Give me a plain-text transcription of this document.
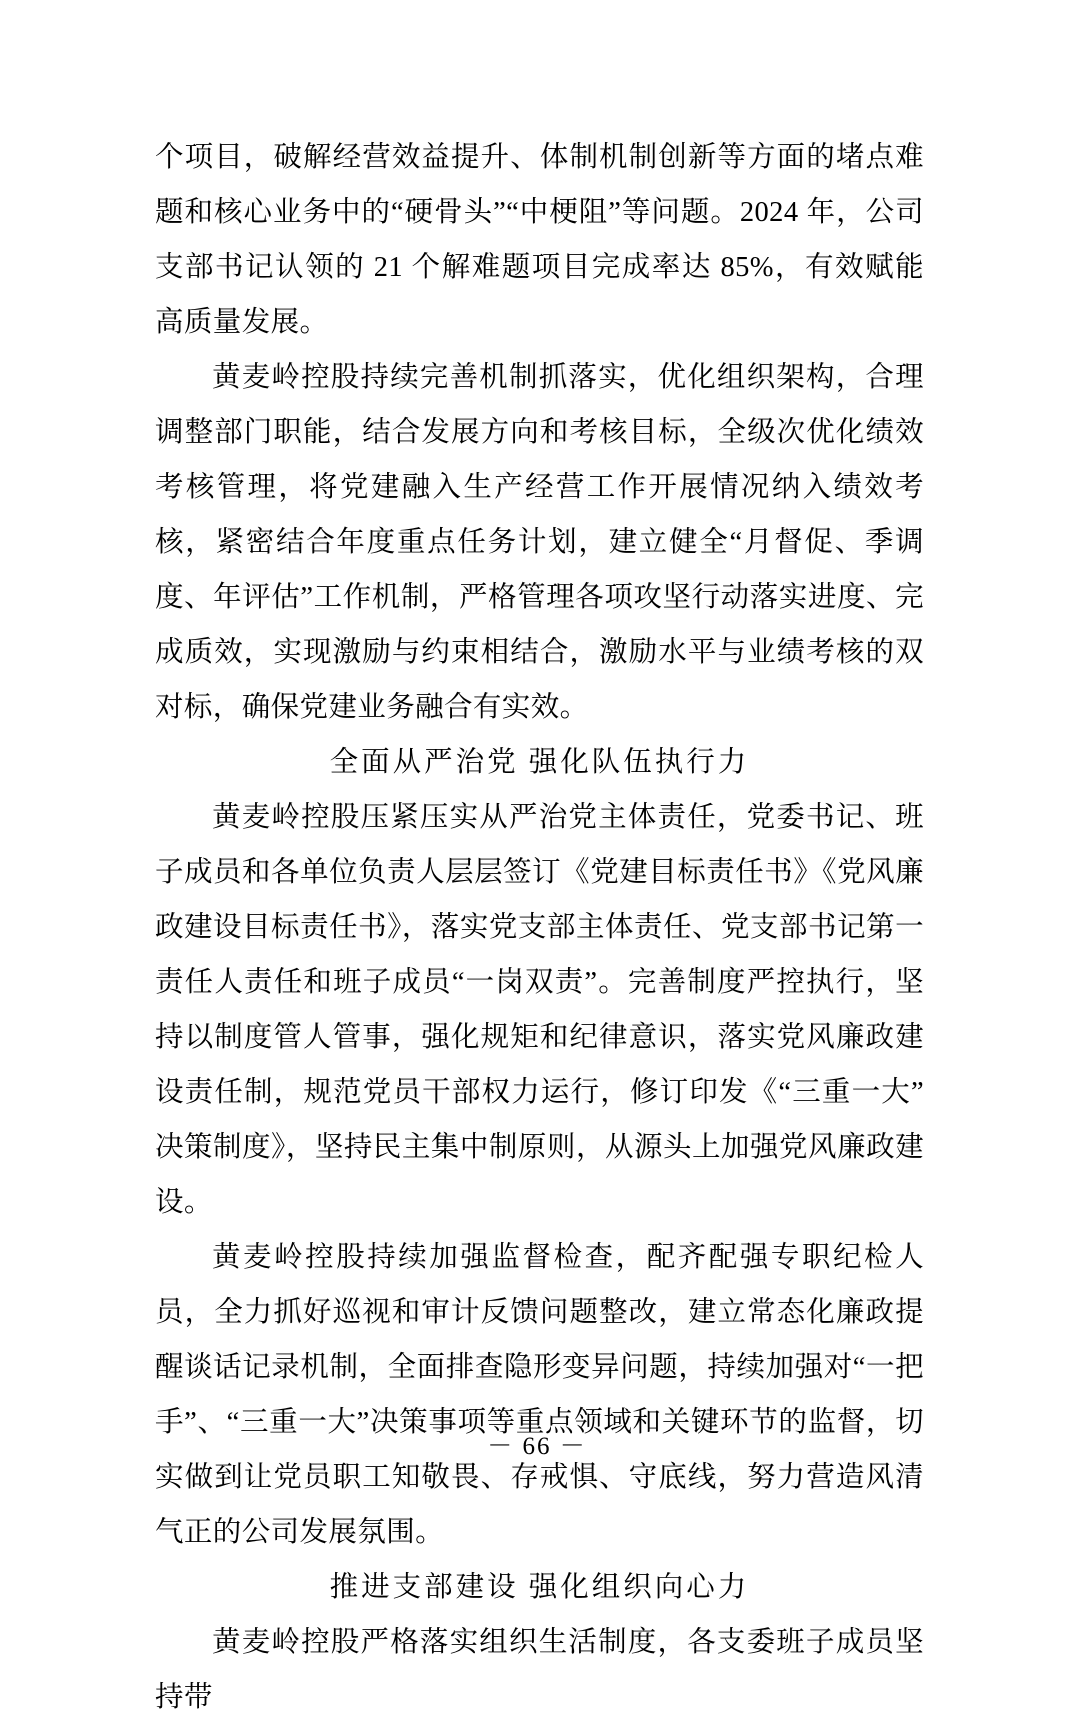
个项目，破解经营效益提升、体制机制创新等方面的堵点难题和核心业务中的“硬骨头”“中梗阻”等问题。2024 年，公司支部书记认领的 21 个解难题项目完成率达 85%，有效赋能高质量发展。

黄麦岭控股持续完善机制抓落实，优化组织架构，合理调整部门职能，结合发展方向和考核目标，全级次优化绩效考核管理，将党建融入生产经营工作开展情况纳入绩效考核，紧密结合年度重点任务计划，建立健全“月督促、季调度、年评估”工作机制，严格管理各项攻坚行动落实进度、完成质效，实现激励与约束相结合，激励水平与业绩考核的双对标，确保党建业务融合有实效。

全面从严治党 强化队伍执行力

黄麦岭控股压紧压实从严治党主体责任，党委书记、班子成员和各单位负责人层层签订《党建目标责任书》《党风廉政建设目标责任书》，落实党支部主体责任、党支部书记第一责任人责任和班子成员“一岗双责”。完善制度严控执行，坚持以制度管人管事，强化规矩和纪律意识，落实党风廉政建设责任制，规范党员干部权力运行，修订印发《“三重一大”决策制度》，坚持民主集中制原则，从源头上加强党风廉政建设。

黄麦岭控股持续加强监督检查，配齐配强专职纪检人员，全力抓好巡视和审计反馈问题整改，建立常态化廉政提醒谈话记录机制，全面排查隐形变异问题，持续加强对“一把手”、“三重一大”决策事项等重点领域和关键环节的监督，切实做到让党员职工知敬畏、存戒惧、守底线，努力营造风清气正的公司发展氛围。

推进支部建设 强化组织向心力

黄麦岭控股严格落实组织生活制度，各支委班子成员坚持带

－ 66 －
